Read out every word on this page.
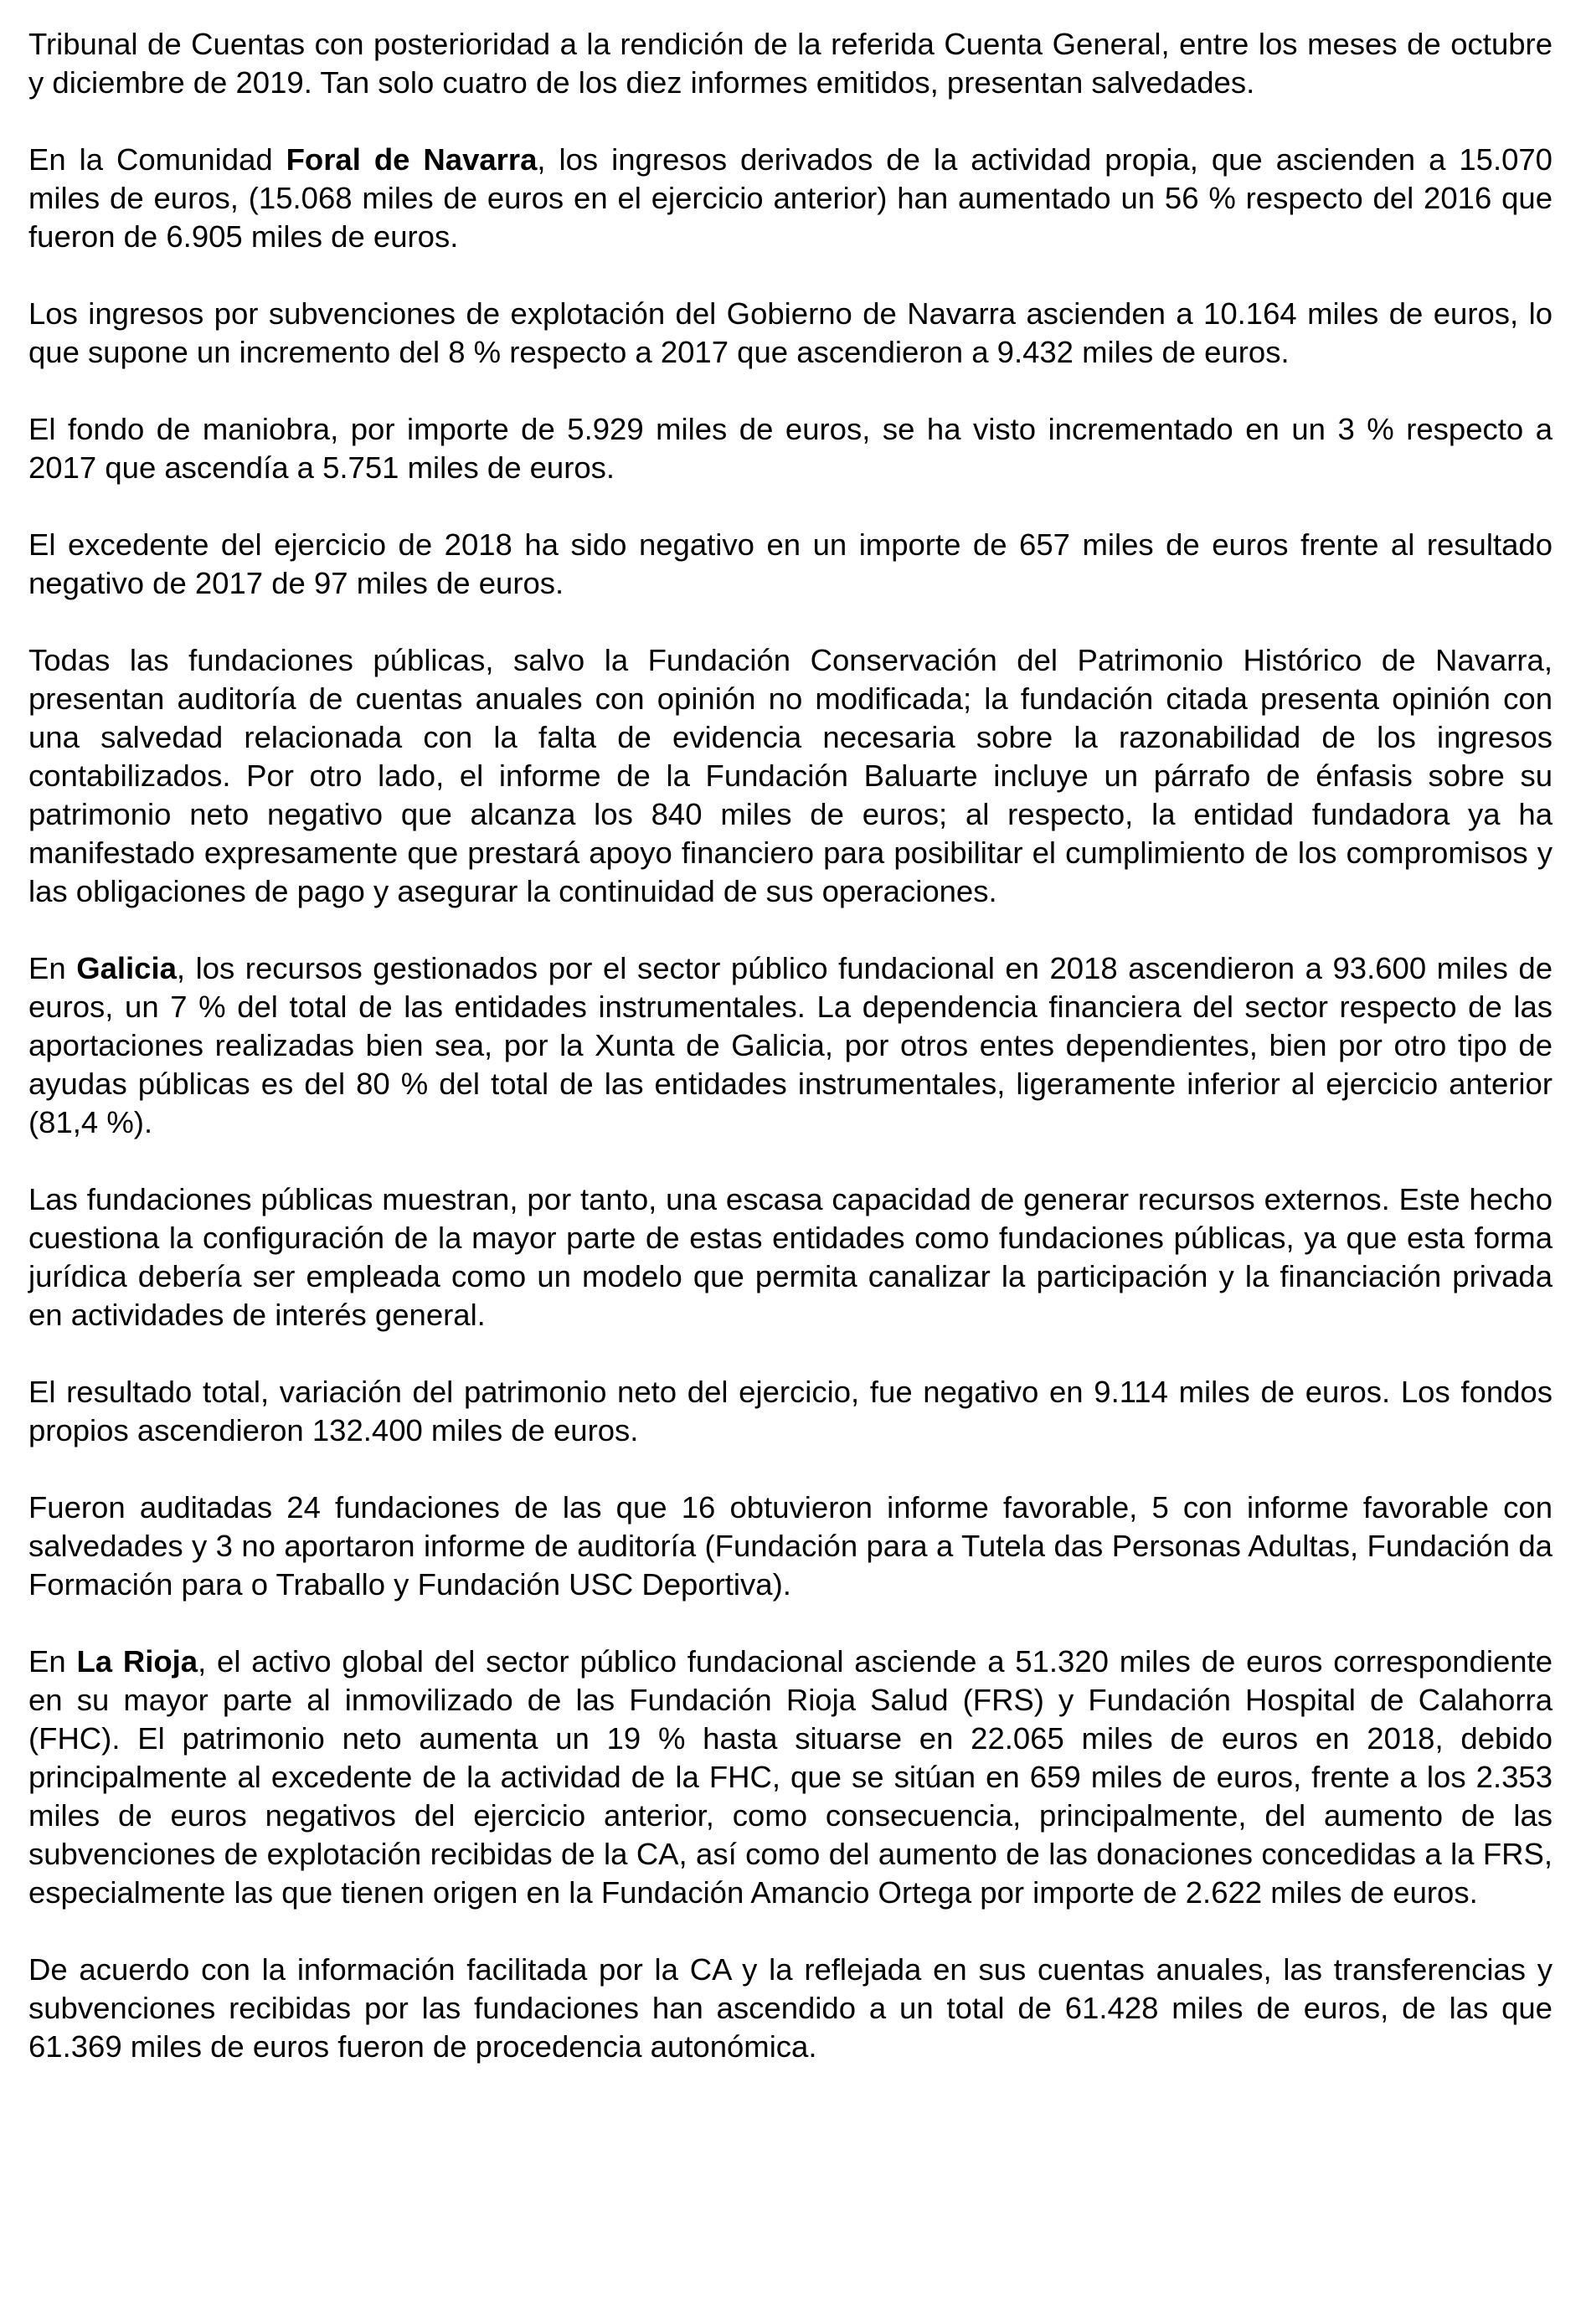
Tribunal de Cuentas con posterioridad a la rendición de la referida Cuenta General, entre los meses de octubre y diciembre de 2019. Tan solo cuatro de los diez informes emitidos, presentan salvedades.
En la Comunidad Foral de Navarra, los ingresos derivados de la actividad propia, que ascienden a 15.070 miles de euros, (15.068 miles de euros en el ejercicio anterior) han aumentado un 56 % respecto del 2016 que fueron de 6.905 miles de euros.
Los ingresos por subvenciones de explotación del Gobierno de Navarra ascienden a 10.164 miles de euros, lo que supone un incremento del 8 % respecto a 2017 que ascendieron a 9.432 miles de euros.
El fondo de maniobra, por importe de 5.929 miles de euros, se ha visto incrementado en un 3 % respecto a 2017 que ascendía a 5.751 miles de euros.
El excedente del ejercicio de 2018 ha sido negativo en un importe de 657 miles de euros frente al resultado negativo de 2017 de 97 miles de euros.
Todas las fundaciones públicas, salvo la Fundación Conservación del Patrimonio Histórico de Navarra, presentan auditoría de cuentas anuales con opinión no modificada; la fundación citada presenta opinión con una salvedad relacionada con la falta de evidencia necesaria sobre la razonabilidad de los ingresos contabilizados. Por otro lado, el informe de la Fundación Baluarte incluye un párrafo de énfasis sobre su patrimonio neto negativo que alcanza los 840 miles de euros; al respecto, la entidad fundadora ya ha manifestado expresamente que prestará apoyo financiero para posibilitar el cumplimiento de los compromisos y las obligaciones de pago y asegurar la continuidad de sus operaciones.
En Galicia, los recursos gestionados por el sector público fundacional en 2018 ascendieron a 93.600 miles de euros, un 7 % del total de las entidades instrumentales. La dependencia financiera del sector respecto de las aportaciones realizadas bien sea, por la Xunta de Galicia, por otros entes dependientes, bien por otro tipo de ayudas públicas es del 80 % del total de las entidades instrumentales, ligeramente inferior al ejercicio anterior (81,4 %).
Las fundaciones públicas muestran, por tanto, una escasa capacidad de generar recursos externos. Este hecho cuestiona la configuración de la mayor parte de estas entidades como fundaciones públicas, ya que esta forma jurídica debería ser empleada como un modelo que permita canalizar la participación y la financiación privada en actividades de interés general.
El resultado total, variación del patrimonio neto del ejercicio, fue negativo en 9.114 miles de euros. Los fondos propios ascendieron 132.400 miles de euros.
Fueron auditadas 24 fundaciones de las que 16 obtuvieron informe favorable, 5 con informe favorable con salvedades y 3 no aportaron informe de auditoría (Fundación para a Tutela das Personas Adultas, Fundación da Formación para o Traballo y Fundación USC Deportiva).
En La Rioja, el activo global del sector público fundacional asciende a 51.320 miles de euros correspondiente en su mayor parte al inmovilizado de las Fundación Rioja Salud (FRS) y Fundación Hospital de Calahorra (FHC). El patrimonio neto aumenta un 19 % hasta situarse en 22.065 miles de euros en 2018, debido principalmente al excedente de la actividad de la FHC, que se sitúan en 659 miles de euros, frente a los 2.353 miles de euros negativos del ejercicio anterior, como consecuencia, principalmente, del aumento de las subvenciones de explotación recibidas de la CA, así como del aumento de las donaciones concedidas a la FRS, especialmente las que tienen origen en la Fundación Amancio Ortega por importe de 2.622 miles de euros.
De acuerdo con la información facilitada por la CA y la reflejada en sus cuentas anuales, las transferencias y subvenciones recibidas por las fundaciones han ascendido a un total de 61.428 miles de euros, de las que 61.369 miles de euros fueron de procedencia autonómica.
